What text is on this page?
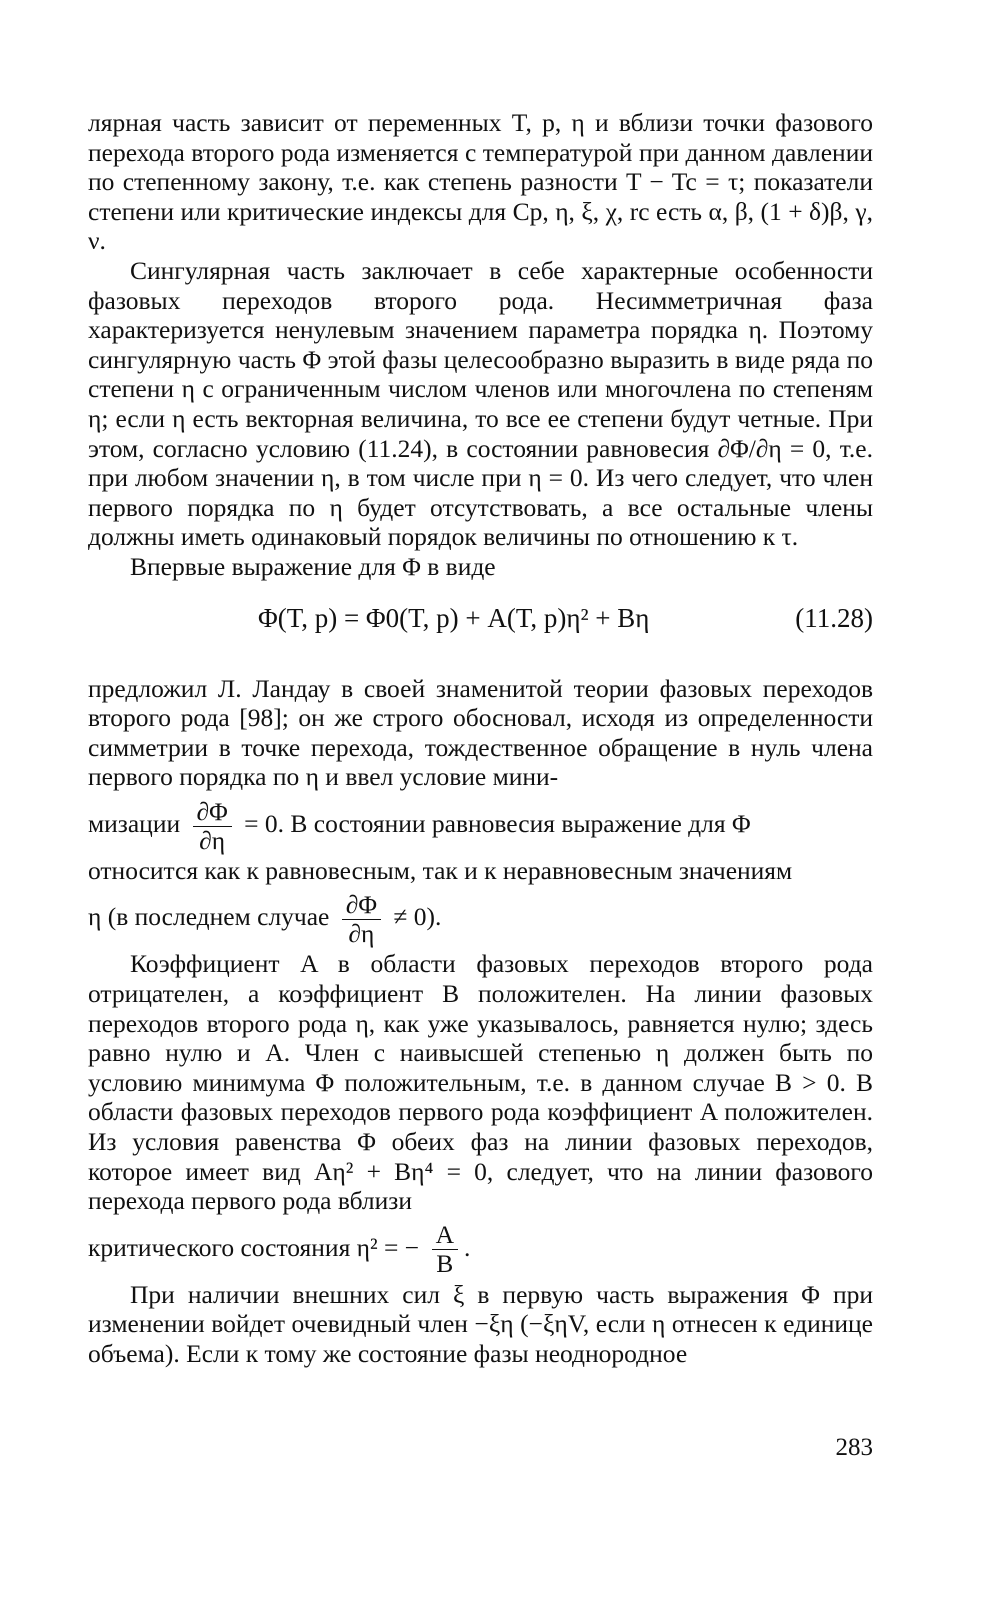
лярная часть зависит от переменных T, p, η и вблизи точки фазового перехода второго рода изменяется с температурой при данном давлении по степенному закону, т.е. как степень разности T − Tc = τ; показатели степени или критические индексы для Cp, η, ξ, χ, rc есть α, β, (1 + δ)β, γ, ν.

Сингулярная часть заключает в себе характерные особенности фазовых переходов второго рода. Несимметричная фаза характеризуется ненулевым значением параметра порядка η. Поэтому сингулярную часть Φ этой фазы целесообразно выразить в виде ряда по степени η с ограниченным числом членов или многочлена по степеням η; если η есть векторная величина, то все ее степени будут четные. При этом, согласно условию (11.24), в состоянии равновесия ∂Φ/∂η = 0, т.е. при любом значении η, в том числе при η = 0. Из чего следует, что член первого порядка по η будет отсутствовать, а все остальные члены должны иметь одинаковый порядок величины по отношению к τ.

Впервые выражение для Φ в виде

Φ(T, p) = Φ0(T, p) + A(T, p)η² + Bη	(11.28)

предложил Л. Ландау в своей знаменитой теории фазовых переходов второго рода [98]; он же строго обосновал, исходя из определенности симметрии в точке перехода, тождественное обращение в нуль члена первого порядка по η и ввел условие мини-

мизации $\frac{\partial\Phi}{\partial\eta} = 0$. В состоянии равновесия выражение для Φ

относится как к равновесным, так и к неравновесным значениям

η (в последнем случае $\frac{\partial\Phi}{\partial\eta} \ne 0$).

Коэффициент A в области фазовых переходов второго рода отрицателен, а коэффициент B положителен. На линии фазовых переходов второго рода η, как уже указывалось, равняется нулю; здесь равно нулю и A. Член с наивысшей степенью η должен быть по условию минимума Φ положительным, т.е. в данном случае B > 0. В области фазовых переходов первого рода коэффициент A положителен. Из условия равенства Φ обеих фаз на линии фазовых переходов, которое имеет вид Aη² + Bη⁴ = 0, следует, что на линии фазового перехода первого рода вблизи

критического состояния η² = − $\frac{A}{B}$ .

При наличии внешних сил ξ в первую часть выражения Φ при изменении войдет очевидный член −ξη (−ξηV, если η отнесен к единице объема). Если к тому же состояние фазы неоднородное

283
